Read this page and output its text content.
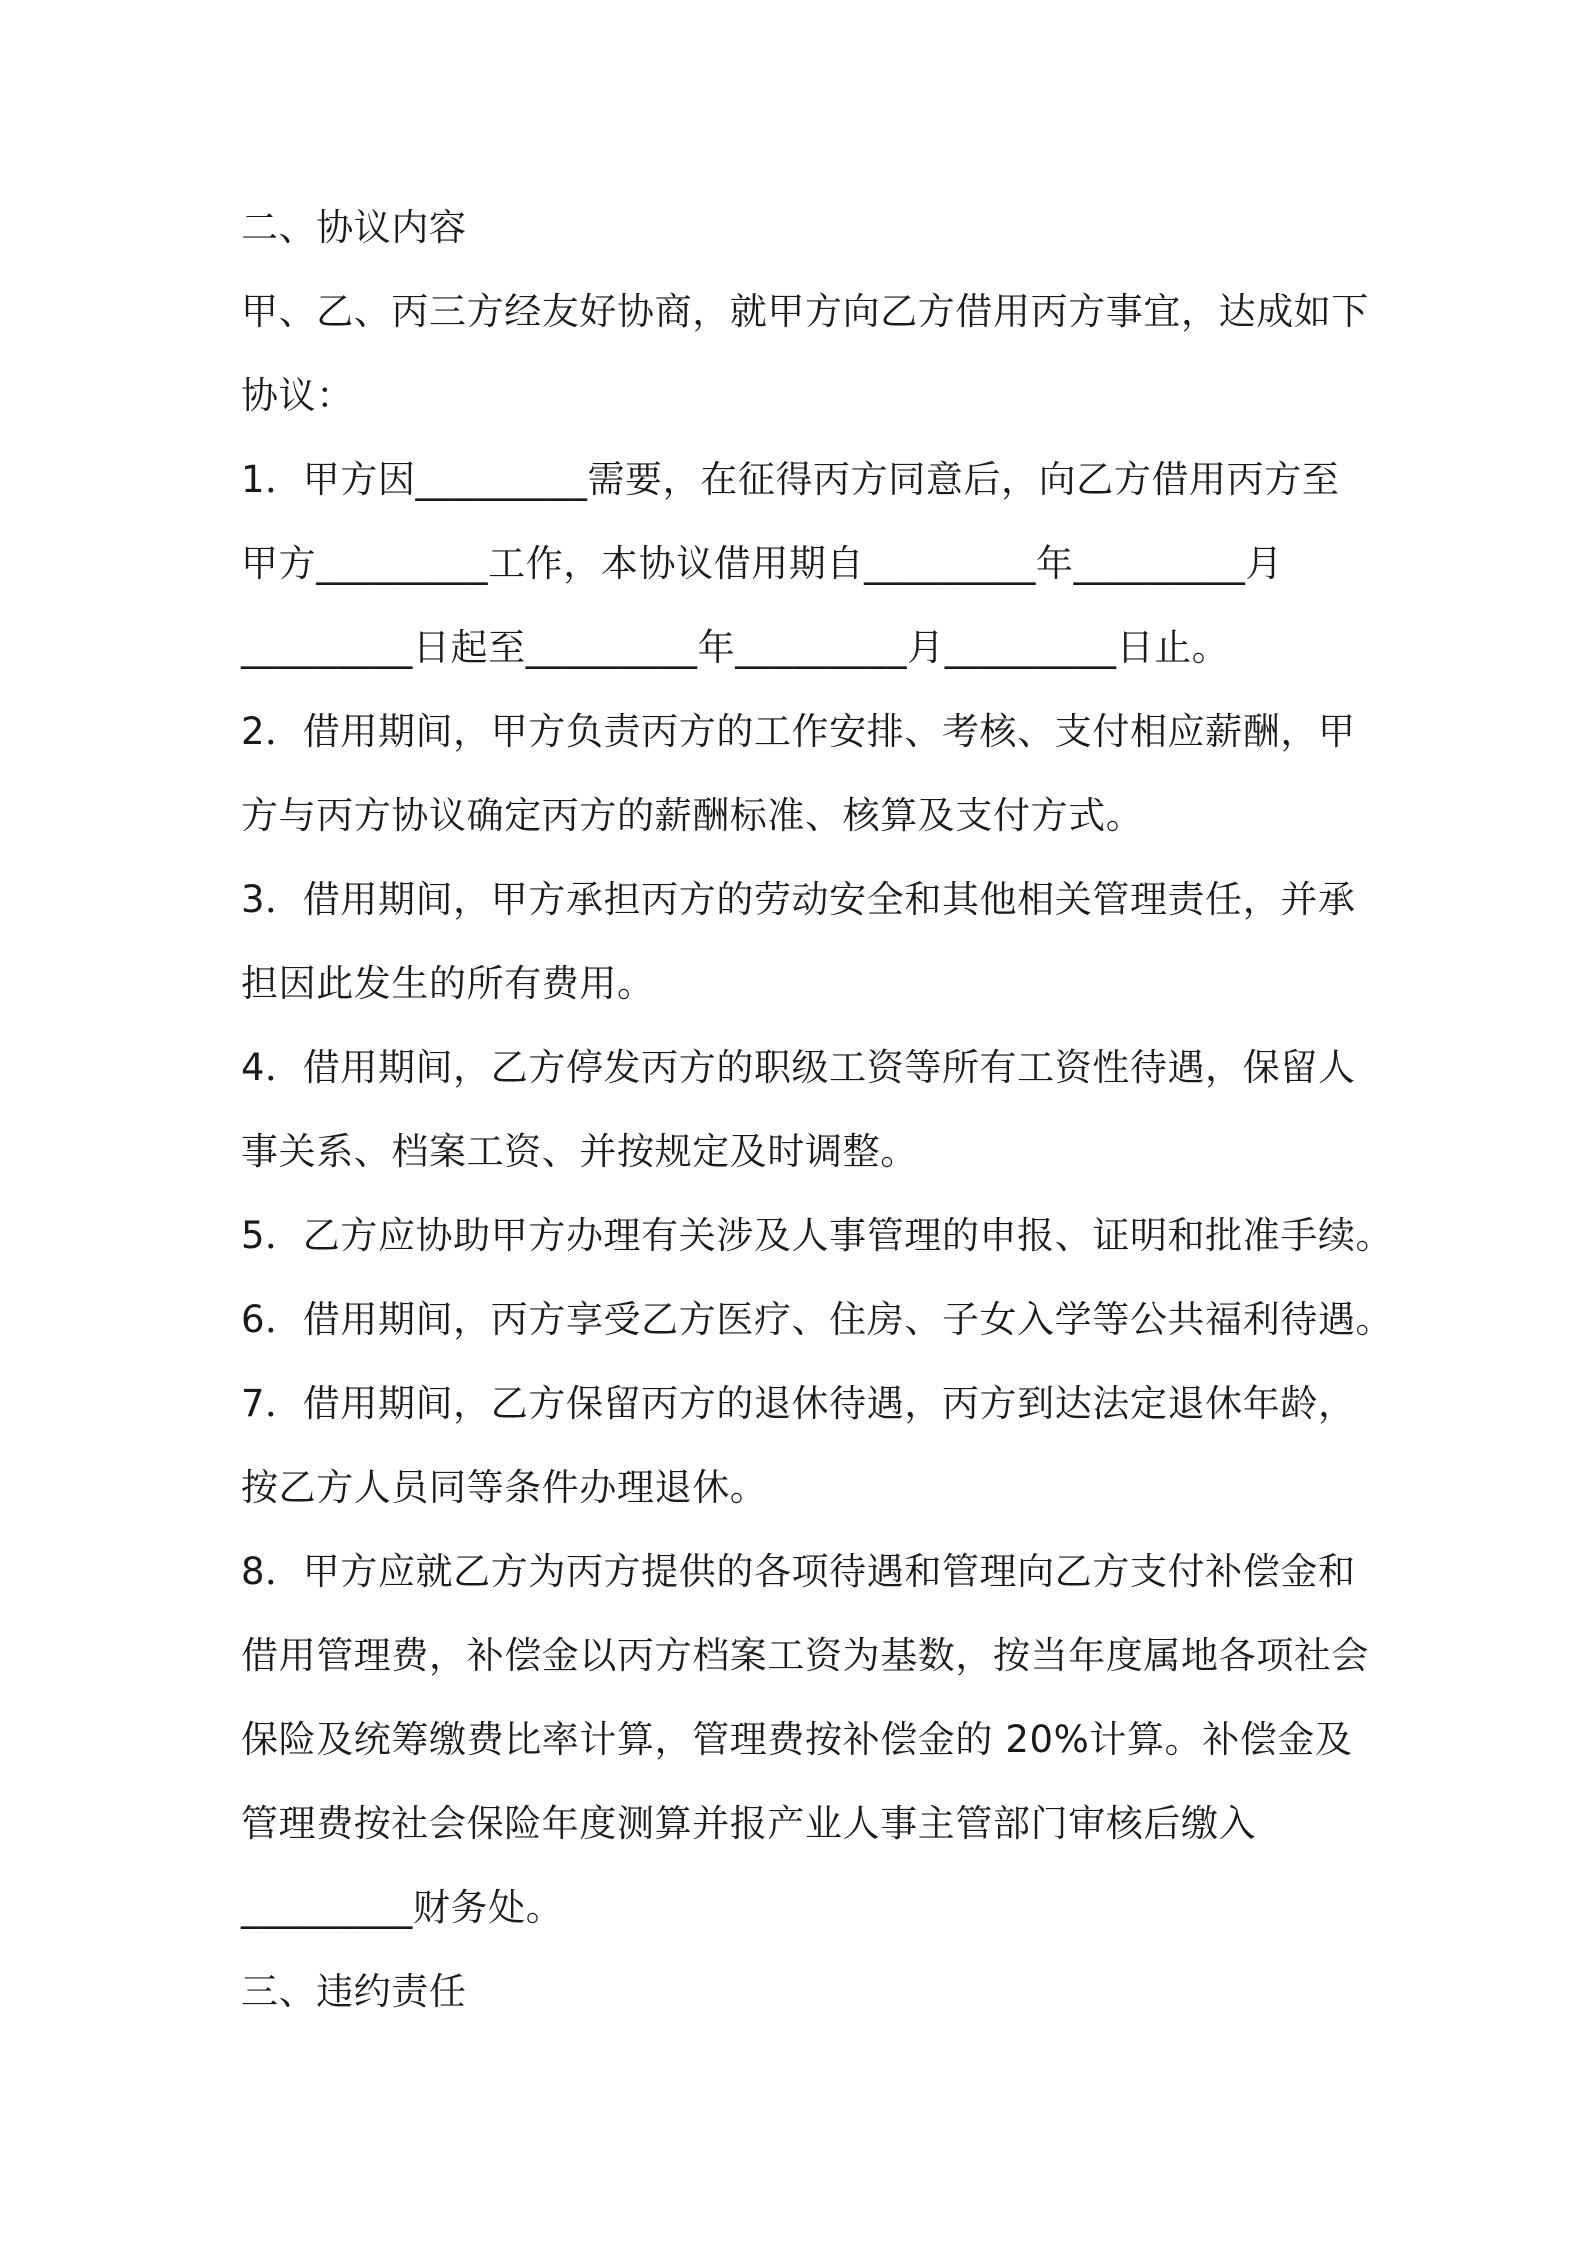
二、协议内容
甲、乙、丙三方经友好协商，就甲方向乙方借用丙方事宜，达成如下
协议：
1．甲方因_________需要，在征得丙方同意后，向乙方借用丙方至
甲方_________工作，本协议借用期自_________年_________月
_________日起至_________年_________月_________日止。
2．借用期间，甲方负责丙方的工作安排、考核、支付相应薪酬，甲
方与丙方协议确定丙方的薪酬标准、核算及支付方式。
3．借用期间，甲方承担丙方的劳动安全和其他相关管理责任，并承
担因此发生的所有费用。
4．借用期间，乙方停发丙方的职级工资等所有工资性待遇，保留人
事关系、档案工资、并按规定及时调整。
5．乙方应协助甲方办理有关涉及人事管理的申报、证明和批准手续。
6．借用期间，丙方享受乙方医疗、住房、子女入学等公共福利待遇。
7．借用期间，乙方保留丙方的退休待遇，丙方到达法定退休年龄，
按乙方人员同等条件办理退休。
8．甲方应就乙方为丙方提供的各项待遇和管理向乙方支付补偿金和
借用管理费，补偿金以丙方档案工资为基数，按当年度属地各项社会
保险及统筹缴费比率计算，管理费按补偿金的 20%计算。补偿金及
管理费按社会保险年度测算并报产业人事主管部门审核后缴入
_________财务处。
三、违约责任
